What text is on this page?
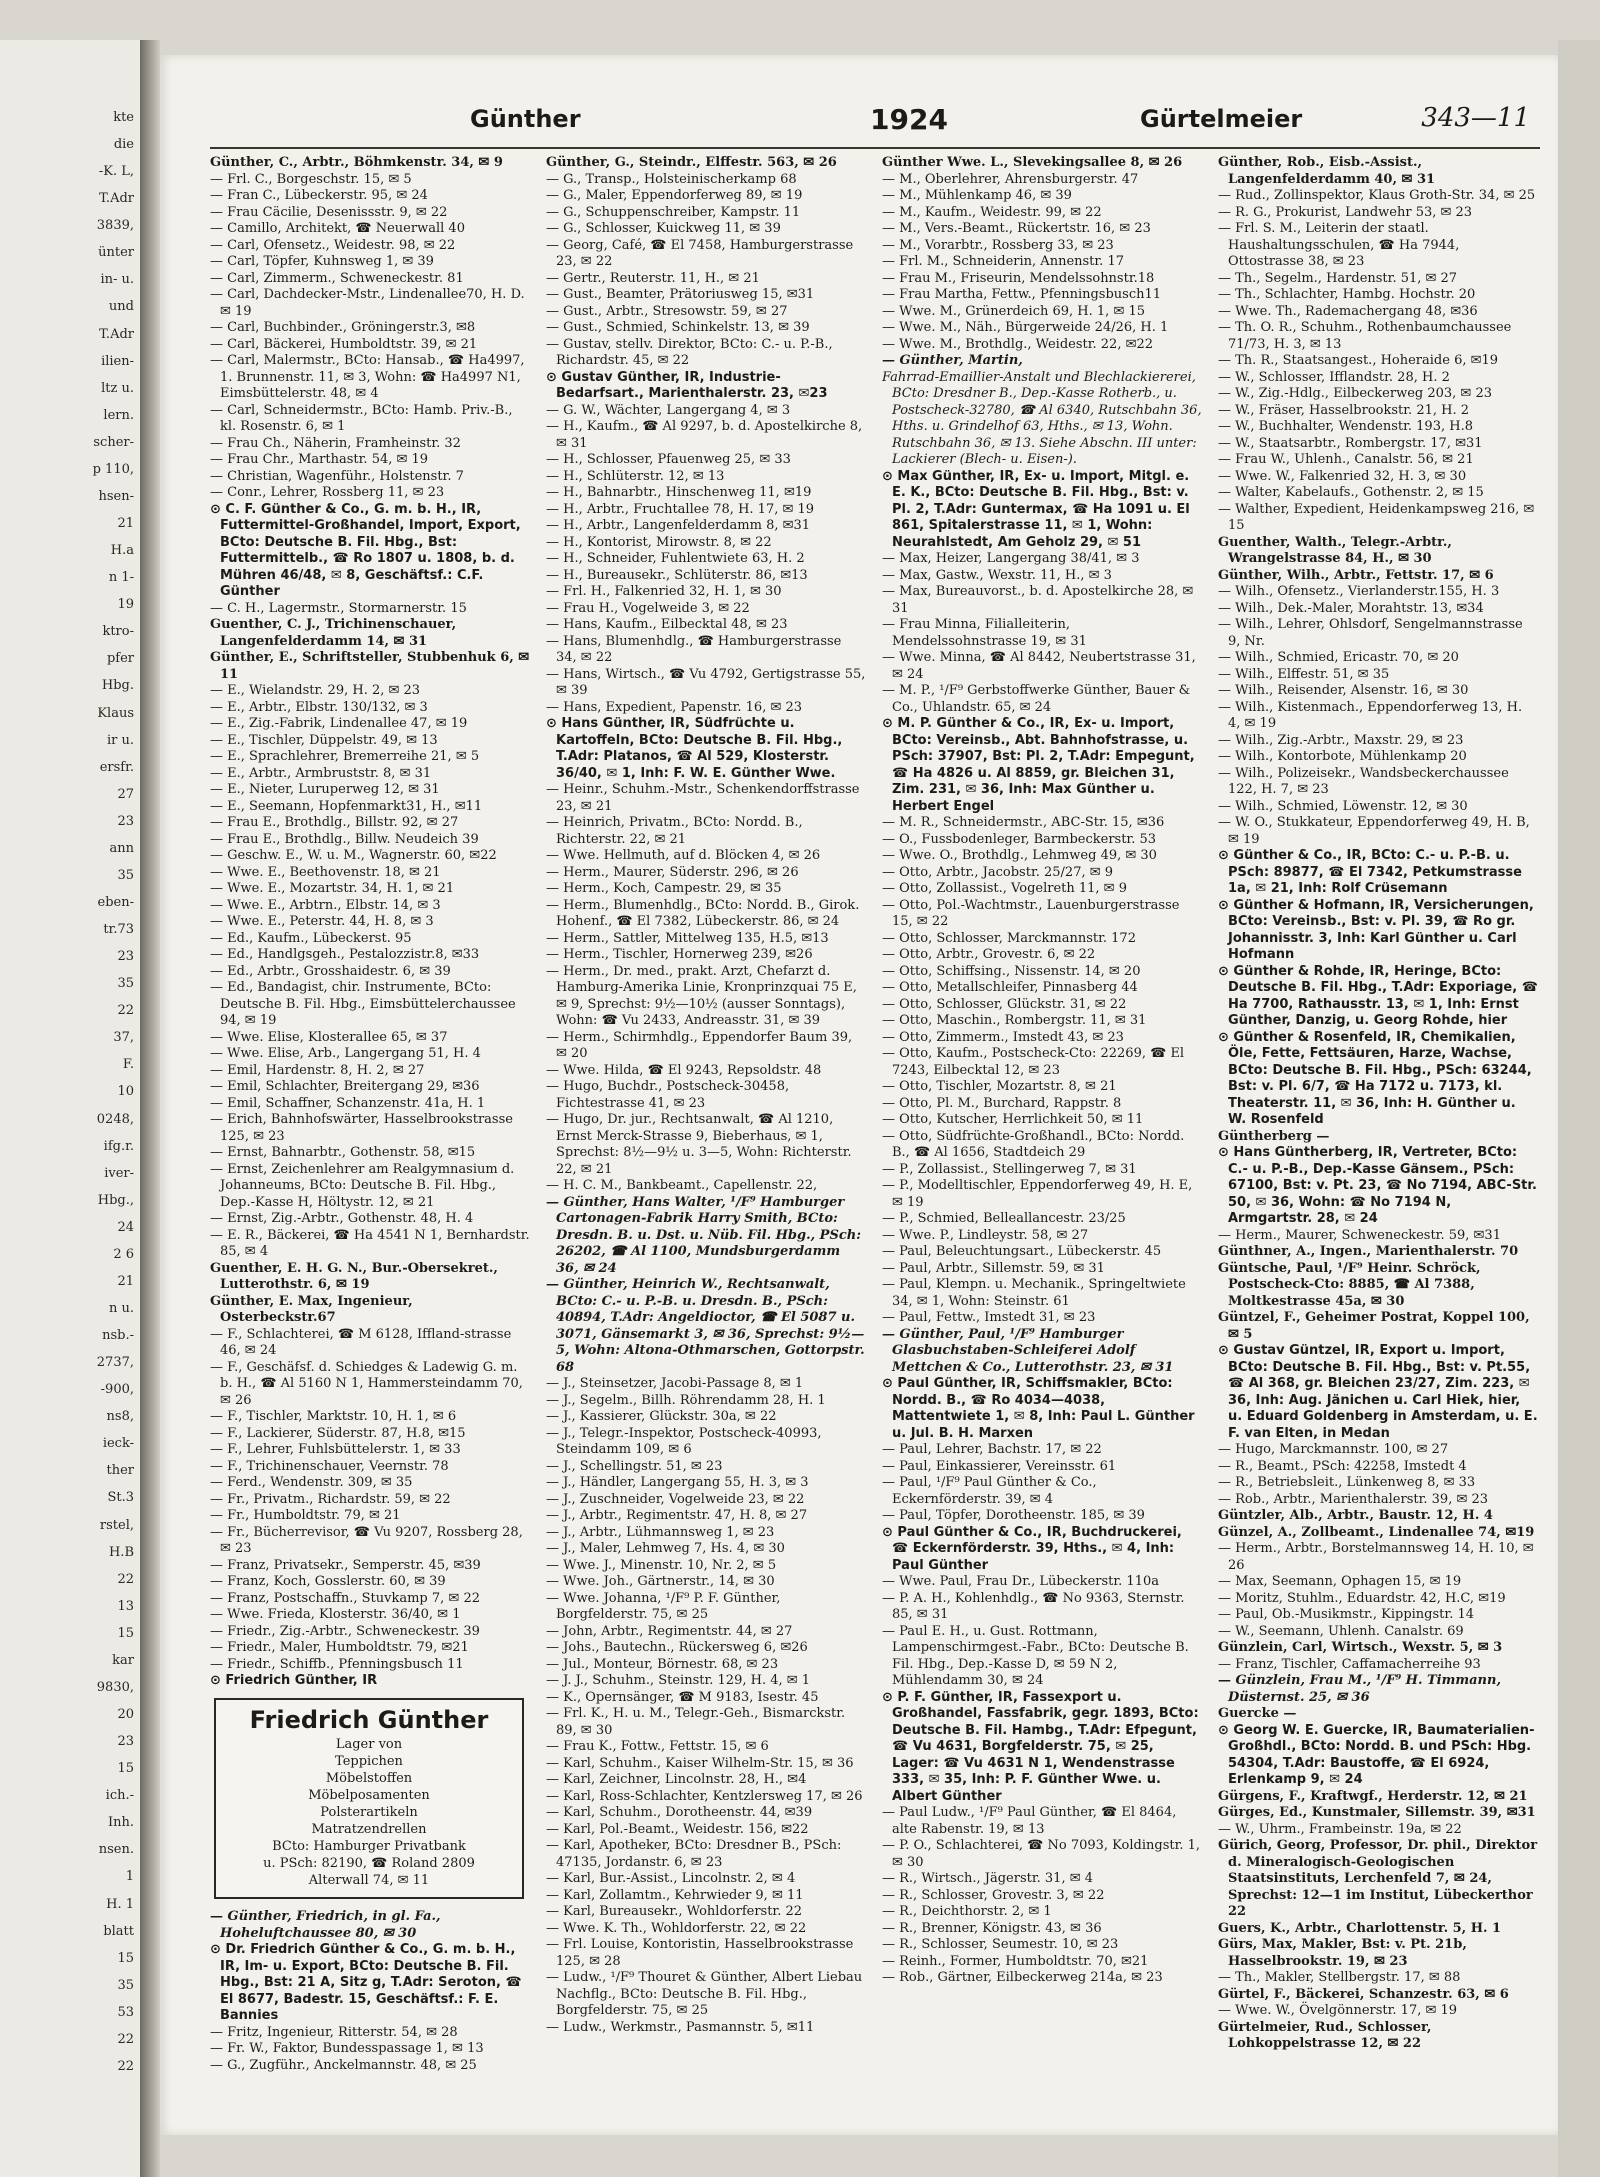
kte
die
-K. L,
T.Adr
3839,
ünter
in- u.
und
T.Adr
ilien-
ltz u.
lern.
scher-
p 110,
hsen-
21
H.a
n 1-
19
ktro-
pfer
Hbg.
Klaus
ir u.
ersfr.
27
23
ann
35
eben-
tr.73
23
35
22
37,
F.
10
0248,
ifg.r.
iver-
Hbg.,
24
2 6
21
n u.
nsb.-
2737,
-900,
ns8,
ieck-
ther
St.3
rstel,
H.B
22
13
15
kar
9830,
20
23
15
ich.-
Inh.
nsen.
1
H. 1
blatt
15
35
53
22
22
Günther	1924	Gürtelmeier	343—11

Günther, C., Arbtr., Böhmkenstr. 34, ✉ 9

— Frl. C., Borgeschstr. 15, ✉ 5

— Fran C., Lübeckerstr. 95, ✉ 24

— Frau Cäcilie, Desenissstr. 9, ✉ 22

— Camillo, Architekt, ☎ Neuerwall 40

— Carl, Ofensetz., Weidestr. 98, ✉ 22

— Carl, Töpfer, Kuhnsweg 1, ✉ 39

— Carl, Zimmerm., Schweneckestr. 81

— Carl, Dachdecker-Mstr., Lindenallee70, H. D. ✉ 19

— Carl, Buchbinder., Gröningerstr.3, ✉8

— Carl, Bäckerei, Humboldtstr. 39, ✉ 21

— Carl, Malermstr., BCto: Hansab., ☎ Ha4997, 1. Brunnenstr. 11, ✉ 3, Wohn: ☎ Ha4997 N1, Eimsbüttelerstr. 48, ✉ 4

— Carl, Schneidermstr., BCto: Hamb. Priv.-B., kl. Rosenstr. 6, ✉ 1

— Frau Ch., Näherin, Framheinstr. 32

— Frau Chr., Marthastr. 54, ✉ 19

— Christian, Wagenführ., Holstenstr. 7

— Conr., Lehrer, Rossberg 11, ✉ 23

⊙ C. F. Günther & Co., G. m. b. H., IR, Futtermittel-Großhandel, Import, Export, BCto: Deutsche B. Fil. Hbg., Bst: Futtermittelb., ☎ Ro 1807 u. 1808, b. d. Mühren 46/48, ✉ 8, Geschäftsf.: C.F. Günther

— C. H., Lagermstr., Stormarnerstr. 15

Guenther, C. J., Trichinenschauer, Langenfelderdamm 14, ✉ 31

Günther, E., Schriftsteller, Stubbenhuk 6, ✉ 11

— E., Wielandstr. 29, H. 2, ✉ 23

— E., Arbtr., Elbstr. 130/132, ✉ 3

— E., Zig.-Fabrik, Lindenallee 47, ✉ 19

— E., Tischler, Düppelstr. 49, ✉ 13

— E., Sprachlehrer, Bremerreihe 21, ✉ 5

— E., Arbtr., Armbruststr. 8, ✉ 31

— E., Nieter, Luruperweg 12, ✉ 31

— E., Seemann, Hopfenmarkt31, H., ✉11

— Frau E., Brothdlg., Billstr. 92, ✉ 27

— Frau E., Brothdlg., Billw. Neudeich 39

— Geschw. E., W. u. M., Wagnerstr. 60, ✉22

— Wwe. E., Beethovenstr. 18, ✉ 21

— Wwe. E., Mozartstr. 34, H. 1, ✉ 21

— Wwe. E., Arbtrn., Elbstr. 14, ✉ 3

— Wwe. E., Peterstr. 44, H. 8, ✉ 3

— Ed., Kaufm., Lübeckerst. 95

— Ed., Handlgsgeh., Pestalozzistr.8, ✉33

— Ed., Arbtr., Grosshaidestr. 6, ✉ 39

— Ed., Bandagist, chir. Instrumente, BCto: Deutsche B. Fil. Hbg., Eimsbüttelerchaussee 94, ✉ 19

— Wwe. Elise, Klosterallee 65, ✉ 37

— Wwe. Elise, Arb., Langergang 51, H. 4

— Emil, Hardenstr. 8, H. 2, ✉ 27

— Emil, Schlachter, Breitergang 29, ✉36

— Emil, Schaffner, Schanzenstr. 41a, H. 1

— Erich, Bahnhofswärter, Hasselbrookstrasse 125, ✉ 23

— Ernst, Bahnarbtr., Gothenstr. 58, ✉15

— Ernst, Zeichenlehrer am Realgymnasium d. Johanneums, BCto: Deutsche B. Fil. Hbg., Dep.-Kasse H, Höltystr. 12, ✉ 21

— Ernst, Zig.-Arbtr., Gothenstr. 48, H. 4

— E. R., Bäckerei, ☎ Ha 4541 N 1, Bernhardstr. 85, ✉ 4

Guenther, E. H. G. N., Bur.-Obersekret., Lutterothstr. 6, ✉ 19

Günther, E. Max, Ingenieur, Osterbeckstr.67

— F., Schlachterei, ☎ M 6128, Iffland-strasse 46, ✉ 24

— F., Geschäfsf. d. Schiedges & Ladewig G. m. b. H., ☎ Al 5160 N 1, Hammersteindamm 70, ✉ 26

— F., Tischler, Marktstr. 10, H. 1, ✉ 6

— F., Lackierer, Süderstr. 87, H.8, ✉15

— F., Lehrer, Fuhlsbüttelerstr. 1, ✉ 33

— F., Trichinenschauer, Veernstr. 78

— Ferd., Wendenstr. 309, ✉ 35

— Fr., Privatm., Richardstr. 59, ✉ 22

— Fr., Humboldtstr. 79, ✉ 21

— Fr., Bücherrevisor, ☎ Vu 9207, Rossberg 28, ✉ 23

— Franz, Privatsekr., Semperstr. 45, ✉39

— Franz, Koch, Gosslerstr. 60, ✉ 39

— Franz, Postschaffn., Stuvkamp 7, ✉ 22

— Wwe. Frieda, Klosterstr. 36/40, ✉ 1

— Friedr., Zig.-Arbtr., Schweneckestr. 39

— Friedr., Maler, Humboldtstr. 79, ✉21

— Friedr., Schiffb., Pfenningsbusch 11

⊙ Friedrich Günther, IR

Friedrich Günther
Lager von
Teppichen
Möbelstoffen
Möbelposamenten
Polsterartikeln
Matratzendrellen
BCto: Hamburger Privatbank
u. PSch: 82190, ☎ Roland 2809
Alterwall 74, ✉ 11

— Günther, Friedrich, in gl. Fa., Hoheluftchaussee 80, ✉ 30

⊙ Dr. Friedrich Günther & Co., G. m. b. H., IR, Im- u. Export, BCto: Deutsche B. Fil. Hbg., Bst: 21 A, Sitz g, T.Adr: Seroton, ☎ El 8677, Badestr. 15, Geschäftsf.: F. E. Bannies

— Fritz, Ingenieur, Ritterstr. 54, ✉ 28

— Fr. W., Faktor, Bundesspassage 1, ✉ 13

— G., Zugführ., Anckelmannstr. 48, ✉ 25

Günther, G., Steindr., Elffestr. 563, ✉ 26

— G., Transp., Holsteinischerkamp 68

— G., Maler, Eppendorferweg 89, ✉ 19

— G., Schuppenschreiber, Kampstr. 11

— G., Schlosser, Kuickweg 11, ✉ 39

— Georg, Café, ☎ El 7458, Hamburgerstrasse 23, ✉ 22

— Gertr., Reuterstr. 11, H., ✉ 21

— Gust., Beamter, Prätoriusweg 15, ✉31

— Gust., Arbtr., Stresowstr. 59, ✉ 27

— Gust., Schmied, Schinkelstr. 13, ✉ 39

— Gustav, stellv. Direktor, BCto: C.- u. P.-B., Richardstr. 45, ✉ 22

⊙ Gustav Günther, IR, Industrie-Bedarfsart., Marienthalerstr. 23, ✉23

— G. W., Wächter, Langergang 4, ✉ 3

— H., Kaufm., ☎ Al 9297, b. d. Apostelkirche 8, ✉ 31

— H., Schlosser, Pfauenweg 25, ✉ 33

— H., Schlüterstr. 12, ✉ 13

— H., Bahnarbtr., Hinschenweg 11, ✉19

— H., Arbtr., Fruchtallee 78, H. 17, ✉ 19

— H., Arbtr., Langenfelderdamm 8, ✉31

— H., Kontorist, Mirowstr. 8, ✉ 22

— H., Schneider, Fuhlentwiete 63, H. 2

— H., Bureausekr., Schlüterstr. 86, ✉13

— Frl. H., Falkenried 32, H. 1, ✉ 30

— Frau H., Vogelweide 3, ✉ 22

— Hans, Kaufm., Eilbecktal 48, ✉ 23

— Hans, Blumenhdlg., ☎ Hamburgerstrasse 34, ✉ 22

— Hans, Wirtsch., ☎ Vu 4792, Gertigstrasse 55, ✉ 39

— Hans, Expedient, Papenstr. 16, ✉ 23

⊙ Hans Günther, IR, Südfrüchte u. Kartoffeln, BCto: Deutsche B. Fil. Hbg., T.Adr: Platanos, ☎ Al 529, Klosterstr. 36/40, ✉ 1, Inh: F. W. E. Günther Wwe.

— Heinr., Schuhm.-Mstr., Schenkendorffstrasse 23, ✉ 21

— Heinrich, Privatm., BCto: Nordd. B., Richterstr. 22, ✉ 21

— Wwe. Hellmuth, auf d. Blöcken 4, ✉ 26

— Herm., Maurer, Süderstr. 296, ✉ 26

— Herm., Koch, Campestr. 29, ✉ 35

— Herm., Blumenhdlg., BCto: Nordd. B., Girok. Hohenf., ☎ El 7382, Lübeckerstr. 86, ✉ 24

— Herm., Sattler, Mittelweg 135, H.5, ✉13

— Herm., Tischler, Hornerweg 239, ✉26

— Herm., Dr. med., prakt. Arzt, Chefarzt d. Hamburg-Amerika Linie, Kronprinzquai 75 E, ✉ 9, Sprechst: 9½—10½ (ausser Sonntags), Wohn: ☎ Vu 2433, Andreasstr. 31, ✉ 39

— Herm., Schirmhdlg., Eppendorfer Baum 39, ✉ 20

— Wwe. Hilda, ☎ El 9243, Repsoldstr. 48

— Hugo, Buchdr., Postscheck-30458, Fichtestrasse 41, ✉ 23

— Hugo, Dr. jur., Rechtsanwalt, ☎ Al 1210, Ernst Merck-Strasse 9, Bieberhaus, ✉ 1, Sprechst: 8½—9½ u. 3—5, Wohn: Richterstr. 22, ✉ 21

— H. C. M., Bankbeamt., Capellenstr. 22,

— Günther, Hans Walter, ¹/F⁹ Hamburger Cartonagen-Fabrik Harry Smith, BCto: Dresdn. B. u. Dst. u. Nüb. Fil. Hbg., PSch: 26202, ☎ Al 1100, Mundsburgerdamm 36, ✉ 24

— Günther, Heinrich W., Rechtsanwalt, BCto: C.- u. P.-B. u. Dresdn. B., PSch: 40894, T.Adr: Angeldioctor, ☎ El 5087 u. 3071, Gänsemarkt 3, ✉ 36, Sprechst: 9½—5, Wohn: Altona-Othmarschen, Gottorpstr. 68

— J., Steinsetzer, Jacobi-Passage 8, ✉ 1

— J., Segelm., Billh. Röhrendamm 28, H. 1

— J., Kassierer, Glückstr. 30a, ✉ 22

— J., Telegr.-Inspektor, Postscheck-40993, Steindamm 109, ✉ 6

— J., Schellingstr. 51, ✉ 23

— J., Händler, Langergang 55, H. 3, ✉ 3

— J., Zuschneider, Vogelweide 23, ✉ 22

— J., Arbtr., Regimentstr. 47, H. 8, ✉ 27

— J., Arbtr., Lühmannsweg 1, ✉ 23

— J., Maler, Lehmweg 7, Hs. 4, ✉ 30

— Wwe. J., Minenstr. 10, Nr. 2, ✉ 5

— Wwe. Joh., Gärtnerstr., 14, ✉ 30

— Wwe. Johanna, ¹/F⁹ P. F. Günther, Borgfelderstr. 75, ✉ 25

— John, Arbtr., Regimentstr. 44, ✉ 27

— Johs., Bautechn., Rückersweg 6, ✉26

— Jul., Monteur, Börnestr. 68, ✉ 23

— J. J., Schuhm., Steinstr. 129, H. 4, ✉ 1

— K., Opernsänger, ☎ M 9183, Isestr. 45

— Frl. K., H. u. M., Telegr.-Geh., Bismarckstr. 89, ✉ 30

— Frau K., Fottw., Fettstr. 15, ✉ 6

— Karl, Schuhm., Kaiser Wilhelm-Str. 15, ✉ 36

— Karl, Zeichner, Lincolnstr. 28, H., ✉4

— Karl, Ross-Schlachter, Kentzlersweg 17, ✉ 26

— Karl, Schuhm., Dorotheenstr. 44, ✉39

— Karl, Pol.-Beamt., Weidestr. 156, ✉22

— Karl, Apotheker, BCto: Dresdner B., PSch: 47135, Jordanstr. 6, ✉ 23

— Karl, Bur.-Assist., Lincolnstr. 2, ✉ 4

— Karl, Zollamtm., Kehrwieder 9, ✉ 11

— Karl, Bureausekr., Wohldorferstr. 22

— Wwe. K. Th., Wohldorferstr. 22, ✉ 22

— Frl. Louise, Kontoristin, Hasselbrookstrasse 125, ✉ 28

— Ludw., ¹/F⁹ Thouret & Günther, Albert Liebau Nachflg., BCto: Deutsche B. Fil. Hbg., Borgfelderstr. 75, ✉ 25

— Ludw., Werkmstr., Pasmannstr. 5, ✉11

Günther Wwe. L., Slevekingsallee 8, ✉ 26

— M., Oberlehrer, Ahrensburgerstr. 47

— M., Mühlenkamp 46, ✉ 39

— M., Kaufm., Weidestr. 99, ✉ 22

— M., Vers.-Beamt., Rückertstr. 16, ✉ 23

— M., Vorarbtr., Rossberg 33, ✉ 23

— Frl. M., Schneiderin, Annenstr. 17

— Frau M., Friseurin, Mendelssohnstr.18

— Frau Martha, Fettw., Pfenningsbusch11

— Wwe. M., Grünerdeich 69, H. 1, ✉ 15

— Wwe. M., Näh., Bürgerweide 24/26, H. 1

— Wwe. M., Brothdlg., Weidestr. 22, ✉22

— Günther, Martin,

Fahrrad-Emaillier-Anstalt und Blechlackiererei, BCto: Dresdner B., Dep.-Kasse Rotherb., u. Postscheck-32780, ☎ Al 6340, Rutschbahn 36, Hths. u. Grindelhof 63, Hths., ✉ 13, Wohn. Rutschbahn 36, ✉ 13. Siehe Abschn. III unter: Lackierer (Blech- u. Eisen-).

⊙ Max Günther, IR, Ex- u. Import, Mitgl. e. E. K., BCto: Deutsche B. Fil. Hbg., Bst: v. Pl. 2, T.Adr: Guntermax, ☎ Ha 1091 u. El 861, Spitalerstrasse 11, ✉ 1, Wohn: Neurahlstedt, Am Geholz 29, ✉ 51

— Max, Heizer, Langergang 38/41, ✉ 3

— Max, Gastw., Wexstr. 11, H., ✉ 3

— Max, Bureauvorst., b. d. Apostelkirche 28, ✉ 31

— Frau Minna, Filialleiterin, Mendelssohnstrasse 19, ✉ 31

— Wwe. Minna, ☎ Al 8442, Neubertstrasse 31, ✉ 24

— M. P., ¹/F⁹ Gerbstoffwerke Günther, Bauer & Co., Uhlandstr. 65, ✉ 24

⊙ M. P. Günther & Co., IR, Ex- u. Import, BCto: Vereinsb., Abt. Bahnhofstrasse, u. PSch: 37907, Bst: Pl. 2, T.Adr: Empegunt, ☎ Ha 4826 u. Al 8859, gr. Bleichen 31, Zim. 231, ✉ 36, Inh: Max Günther u. Herbert Engel

— M. R., Schneidermstr., ABC-Str. 15, ✉36

— O., Fussbodenleger, Barmbeckerstr. 53

— Wwe. O., Brothdlg., Lehmweg 49, ✉ 30

— Otto, Arbtr., Jacobstr. 25/27, ✉ 9

— Otto, Zollassist., Vogelreth 11, ✉ 9

— Otto, Pol.-Wachtmstr., Lauenburgerstrasse 15, ✉ 22

— Otto, Schlosser, Marckmannstr. 172

— Otto, Arbtr., Grovestr. 6, ✉ 22

— Otto, Schiffsing., Nissenstr. 14, ✉ 20

— Otto, Metallschleifer, Pinnasberg 44

— Otto, Schlosser, Glückstr. 31, ✉ 22

— Otto, Maschin., Rombergstr. 11, ✉ 31

— Otto, Zimmerm., Imstedt 43, ✉ 23

— Otto, Kaufm., Postscheck-Cto: 22269, ☎ El 7243, Eilbecktal 12, ✉ 23

— Otto, Tischler, Mozartstr. 8, ✉ 21

— Otto, Pl. M., Burchard, Rappstr. 8

— Otto, Kutscher, Herrlichkeit 50, ✉ 11

— Otto, Südfrüchte-Großhandl., BCto: Nordd. B., ☎ Al 1656, Stadtdeich 29

— P., Zollassist., Stellingerweg 7, ✉ 31

— P., Modelltischler, Eppendorferweg 49, H. E, ✉ 19

— P., Schmied, Belleallancestr. 23/25

— Wwe. P., Lindleystr. 58, ✉ 27

— Paul, Beleuchtungsart., Lübeckerstr. 45

— Paul, Arbtr., Sillemstr. 59, ✉ 31

— Paul, Klempn. u. Mechanik., Springeltwiete 34, ✉ 1, Wohn: Steinstr. 61

— Paul, Fettw., Imstedt 31, ✉ 23

— Günther, Paul, ¹/F⁹ Hamburger Glasbuchstaben-Schleiferei Adolf Mettchen & Co., Lutterothstr. 23, ✉ 31

⊙ Paul Günther, IR, Schiffsmakler, BCto: Nordd. B., ☎ Ro 4034—4038, Mattentwiete 1, ✉ 8, Inh: Paul L. Günther u. Jul. B. H. Marxen

— Paul, Lehrer, Bachstr. 17, ✉ 22

— Paul, Einkassierer, Vereinsstr. 61

— Paul, ¹/F⁹ Paul Günther & Co., Eckernförderstr. 39, ✉ 4

— Paul, Töpfer, Dorotheenstr. 185, ✉ 39

⊙ Paul Günther & Co., IR, Buchdruckerei, ☎ Eckernförderstr. 39, Hths., ✉ 4, Inh: Paul Günther

— Wwe. Paul, Frau Dr., Lübeckerstr. 110a

— P. A. H., Kohlenhdlg., ☎ No 9363, Sternstr. 85, ✉ 31

— Paul E. H., u. Gust. Rottmann, Lampenschirmgest.-Fabr., BCto: Deutsche B. Fil. Hbg., Dep.-Kasse D, ✉ 59 N 2, Mühlendamm 30, ✉ 24

⊙ P. F. Günther, IR, Fassexport u. Großhandel, Fassfabrik, gegr. 1893, BCto: Deutsche B. Fil. Hambg., T.Adr: Efpegunt, ☎ Vu 4631, Borgfelderstr. 75, ✉ 25, Lager: ☎ Vu 4631 N 1, Wendenstrasse 333, ✉ 35, Inh: P. F. Günther Wwe. u. Albert Günther

— Paul Ludw., ¹/F⁹ Paul Günther, ☎ El 8464, alte Rabenstr. 19, ✉ 13

— P. O., Schlachterei, ☎ No 7093, Koldingstr. 1, ✉ 30

— R., Wirtsch., Jägerstr. 31, ✉ 4

— R., Schlosser, Grovestr. 3, ✉ 22

— R., Deichthorstr. 2, ✉ 1

— R., Brenner, Königstr. 43, ✉ 36

— R., Schlosser, Seumestr. 10, ✉ 23

— Reinh., Former, Humboldtstr. 70, ✉21

— Rob., Gärtner, Eilbeckerweg 214a, ✉ 23

Günther, Rob., Eisb.-Assist., Langenfelderdamm 40, ✉ 31

— Rud., Zollinspektor, Klaus Groth-Str. 34, ✉ 25

— R. G., Prokurist, Landwehr 53, ✉ 23

— Frl. S. M., Leiterin der staatl. Haushaltungsschulen, ☎ Ha 7944, Ottostrasse 38, ✉ 23

— Th., Segelm., Hardenstr. 51, ✉ 27

— Th., Schlachter, Hambg. Hochstr. 20

— Wwe. Th., Rademachergang 48, ✉36

— Th. O. R., Schuhm., Rothenbaumchaussee 71/73, H. 3, ✉ 13

— Th. R., Staatsangest., Hoheraide 6, ✉19

— W., Schlosser, Ifflandstr. 28, H. 2

— W., Zig.-Hdlg., Eilbeckerweg 203, ✉ 23

— W., Fräser, Hasselbrookstr. 21, H. 2

— W., Buchhalter, Wendenstr. 193, H.8

— W., Staatsarbtr., Rombergstr. 17, ✉31

— Frau W., Uhlenh., Canalstr. 56, ✉ 21

— Wwe. W., Falkenried 32, H. 3, ✉ 30

— Walter, Kabelaufs., Gothenstr. 2, ✉ 15

— Walther, Expedient, Heidenkampsweg 216, ✉ 15

Guenther, Walth., Telegr.-Arbtr., Wrangelstrasse 84, H., ✉ 30

Günther, Wilh., Arbtr., Fettstr. 17, ✉ 6

— Wilh., Ofensetz., Vierlanderstr.155, H. 3

— Wilh., Dek.-Maler, Morahtstr. 13, ✉34

— Wilh., Lehrer, Ohlsdorf, Sengelmannstrasse 9, Nr.

— Wilh., Schmied, Ericastr. 70, ✉ 20

— Wilh., Elffestr. 51, ✉ 35

— Wilh., Reisender, Alsenstr. 16, ✉ 30

— Wilh., Kistenmach., Eppendorferweg 13, H. 4, ✉ 19

— Wilh., Zig.-Arbtr., Maxstr. 29, ✉ 23

— Wilh., Kontorbote, Mühlenkamp 20

— Wilh., Polizeisekr., Wandsbeckerchaussee 122, H. 7, ✉ 23

— Wilh., Schmied, Löwenstr. 12, ✉ 30

— W. O., Stukkateur, Eppendorferweg 49, H. B, ✉ 19

⊙ Günther & Co., IR, BCto: C.- u. P.-B. u. PSch: 89877, ☎ El 7342, Petkumstrasse 1a, ✉ 21, Inh: Rolf Crüsemann

⊙ Günther & Hofmann, IR, Versicherungen, BCto: Vereinsb., Bst: v. Pl. 39, ☎ Ro gr. Johannisstr. 3, Inh: Karl Günther u. Carl Hofmann

⊙ Günther & Rohde, IR, Heringe, BCto: Deutsche B. Fil. Hbg., T.Adr: Exporiage, ☎ Ha 7700, Rathausstr. 13, ✉ 1, Inh: Ernst Günther, Danzig, u. Georg Rohde, hier

⊙ Günther & Rosenfeld, IR, Chemikalien, Öle, Fette, Fettsäuren, Harze, Wachse, BCto: Deutsche B. Fil. Hbg., PSch: 63244, Bst: v. Pl. 6/7, ☎ Ha 7172 u. 7173, kl. Theaterstr. 11, ✉ 36, Inh: H. Günther u. W. Rosenfeld

Güntherberg —

⊙ Hans Güntherberg, IR, Vertreter, BCto: C.- u. P.-B., Dep.-Kasse Gänsem., PSch: 67100, Bst: v. Pt. 23, ☎ No 7194, ABC-Str. 50, ✉ 36, Wohn: ☎ No 7194 N, Armgartstr. 28, ✉ 24

— Herm., Maurer, Schweneckestr. 59, ✉31

Günthner, A., Ingen., Marienthalerstr. 70

Güntsche, Paul, ¹/F⁹ Heinr. Schröck, Postscheck-Cto: 8885, ☎ Al 7388, Moltkestrasse 45a, ✉ 30

Güntzel, F., Geheimer Postrat, Koppel 100, ✉ 5

⊙ Gustav Güntzel, IR, Export u. Import, BCto: Deutsche B. Fil. Hbg., Bst: v. Pt.55, ☎ Al 368, gr. Bleichen 23/27, Zim. 223, ✉ 36, Inh: Aug. Jänichen u. Carl Hiek, hier, u. Eduard Goldenberg in Amsterdam, u. E. F. van Elten, in Medan

— Hugo, Marckmannstr. 100, ✉ 27

— R., Beamt., PSch: 42258, Imstedt 4

— R., Betriebsleit., Lünkenweg 8, ✉ 33

— Rob., Arbtr., Marienthalerstr. 39, ✉ 23

Güntzler, Alb., Arbtr., Baustr. 12, H. 4

Günzel, A., Zollbeamt., Lindenallee 74, ✉19

— Herm., Arbtr., Borstelmannsweg 14, H. 10, ✉ 26

— Max, Seemann, Ophagen 15, ✉ 19

— Moritz, Stuhlm., Eduardstr. 42, H.C, ✉19

— Paul, Ob.-Musikmstr., Kippingstr. 14

— W., Seemann, Uhlenh. Canalstr. 69

Günzlein, Carl, Wirtsch., Wexstr. 5, ✉ 3

— Franz, Tischler, Caffamacherreihe 93

— Günzlein, Frau M., ¹/F⁹ H. Timmann, Düsternst. 25, ✉ 36

Guercke —

⊙ Georg W. E. Guercke, IR, Baumaterialien-Großhdl., BCto: Nordd. B. und PSch: Hbg. 54304, T.Adr: Baustoffe, ☎ El 6924, Erlenkamp 9, ✉ 24

Gürgens, F., Kraftwgf., Herderstr. 12, ✉ 21

Gürges, Ed., Kunstmaler, Sillemstr. 39, ✉31

— W., Uhrm., Frambeinstr. 19a, ✉ 22

Gürich, Georg, Professor, Dr. phil., Direktor d. Mineralogisch-Geologischen Staatsinstituts, Lerchenfeld 7, ✉ 24, Sprechst: 12—1 im Institut, Lübeckerthor 22

Guers, K., Arbtr., Charlottenstr. 5, H. 1

Gürs, Max, Makler, Bst: v. Pt. 21b, Hasselbrookstr. 19, ✉ 23

— Th., Makler, Stellbergstr. 17, ✉ 88

Gürtel, F., Bäckerei, Schanzestr. 63, ✉ 6

— Wwe. W., Övelgönnerstr. 17, ✉ 19

Gürtelmeier, Rud., Schlosser, Lohkoppelstrasse 12, ✉ 22
